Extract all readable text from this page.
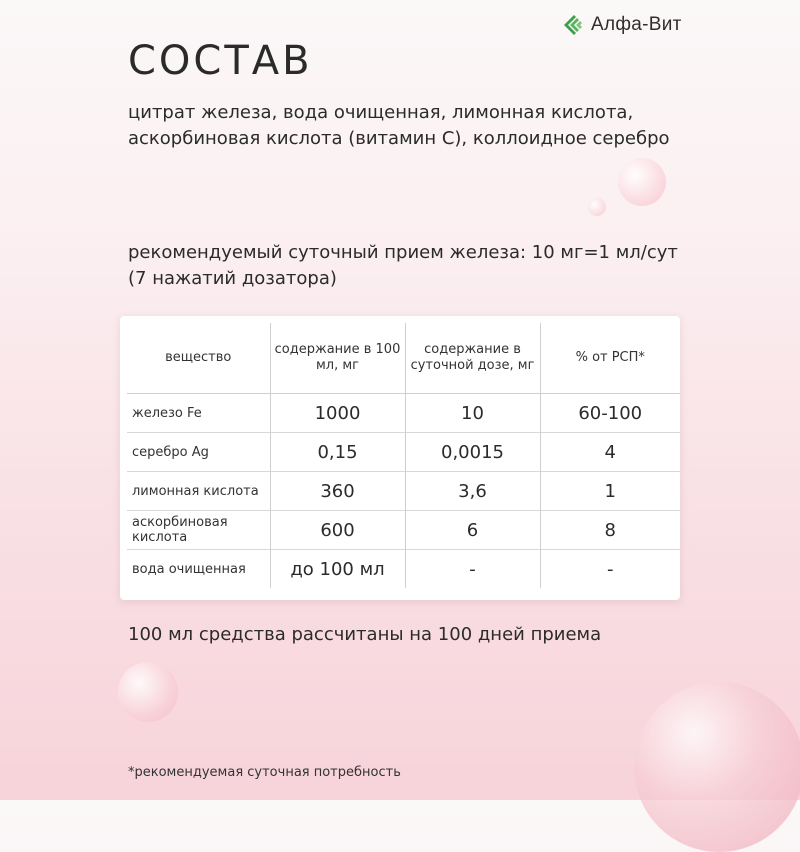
Алфа-Вит
СОСТАВ

цитрат железа, вода очищенная, лимонная кислота,
аскорбиновая кислота (витамин С), коллоидное серебро

рекомендуемый суточный прием железа: 10 мг=1 мл/сут
(7 нажатий дозатора)

вещество	содержание в 100 мл, мг	содержание в суточной дозе, мг	% от РСП*
железо Fe	1000	10	60-100
серебро Ag	0,15	0,0015	4
лимонная кислота	360	3,6	1
аскорбиновая кислота	600	6	8
вода очищенная	до 100 мл	-	-

100 мл средства рассчитаны на 100 дней приема

*рекомендуемая суточная потребность
